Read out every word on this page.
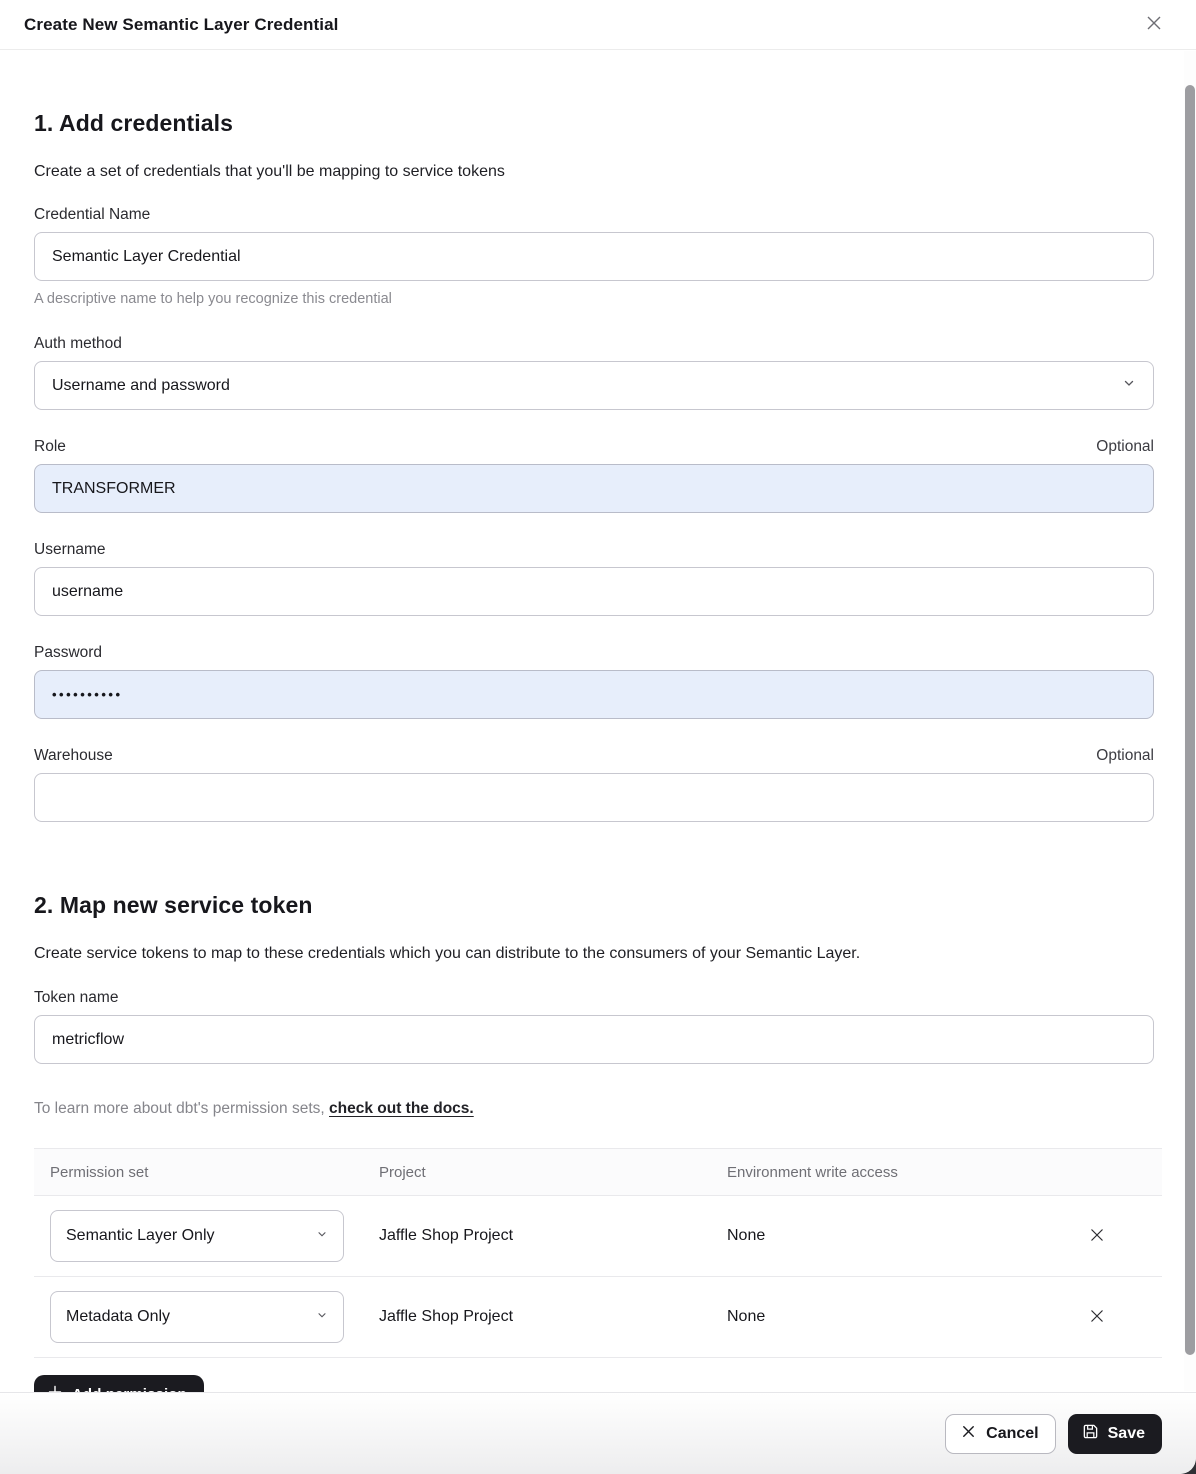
Create New Semantic Layer Credential
1. Add credentials
Create a set of credentials that you'll be mapping to service tokens
Credential Name
Semantic Layer Credential
A descriptive name to help you recognize this credential
Auth method
Username and password
Role	Optional
TRANSFORMER
Username
username
Password
••••••••••
Warehouse	Optional
2. Map new service token
Create service tokens to map to these credentials which you can distribute to the consumers of your Semantic Layer.
Token name
metricflow
To learn more about dbt's permission sets, check out the docs.
Permission set	Project	Environment write access
Semantic Layer Only	Jaffle Shop Project	None
Metadata Only	Jaffle Shop Project	None
Cancel	Save
